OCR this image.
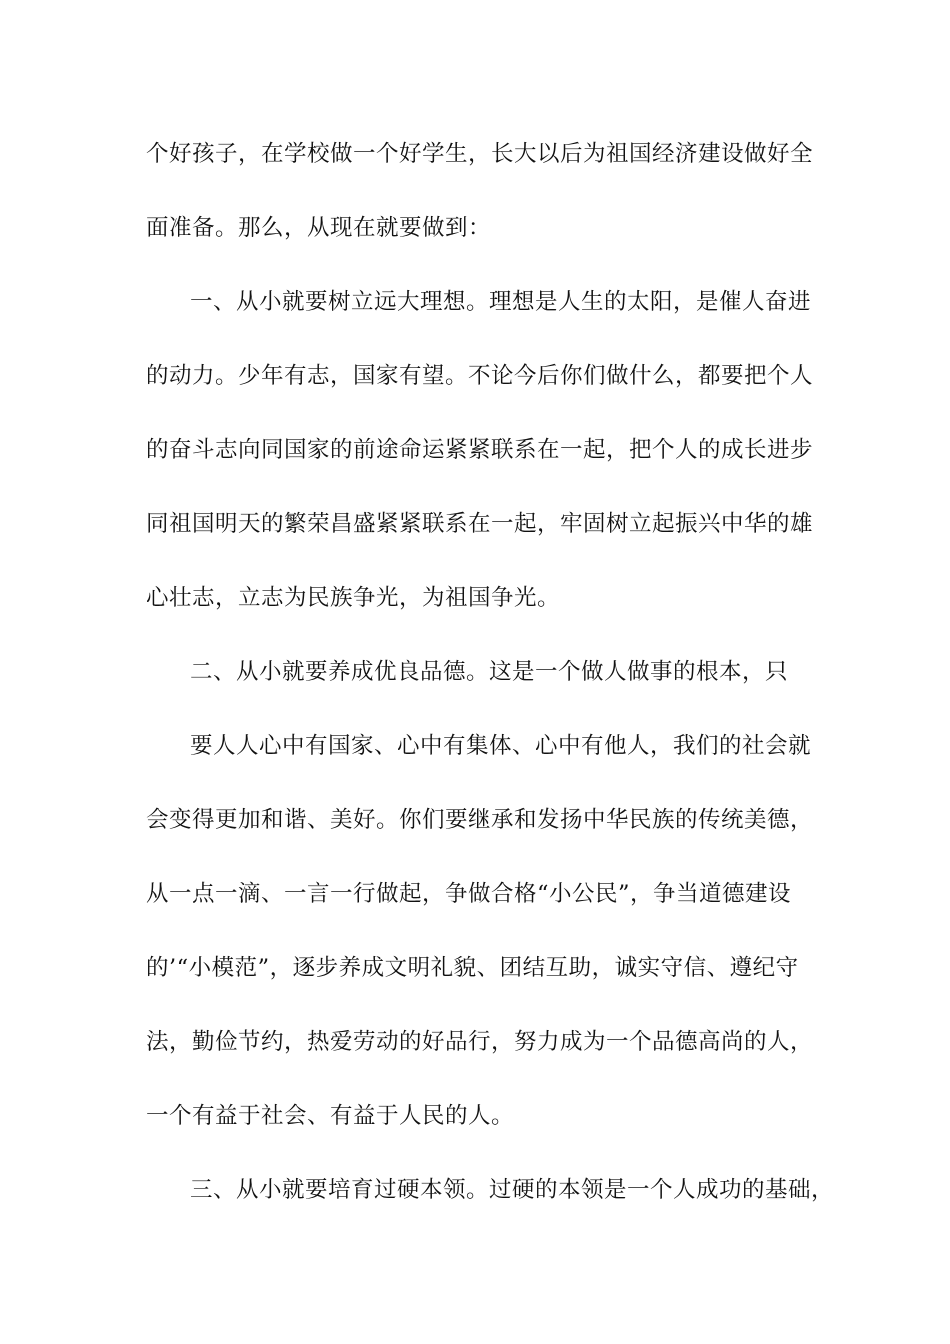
个好孩子，在学校做一个好学生，长大以后为祖国经济建设做好全

面准备。那么，从现在就要做到：

一、从小就要树立远大理想。理想是人生的太阳，是催人奋进

的动力。少年有志，国家有望。不论今后你们做什么，都要把个人

的奋斗志向同国家的前途命运紧紧联系在一起，把个人的成长进步

同祖国明天的繁荣昌盛紧紧联系在一起，牢固树立起振兴中华的雄

心壮志，立志为民族争光，为祖国争光。

二、从小就要养成优良品德。这是一个做人做事的根本，只

要人人心中有国家、心中有集体、心中有他人，我们的社会就

会变得更加和谐、美好。你们要继承和发扬中华民族的传统美德，

从一点一滴、一言一行做起，争做合格“小公民”，争当道德建设

的’“小模范”，逐步养成文明礼貌、团结互助，诚实守信、遵纪守

法，勤俭节约，热爱劳动的好品行，努力成为一个品德高尚的人，

一个有益于社会、有益于人民的人。

三、从小就要培育过硬本领。过硬的本领是一个人成功的基础，
